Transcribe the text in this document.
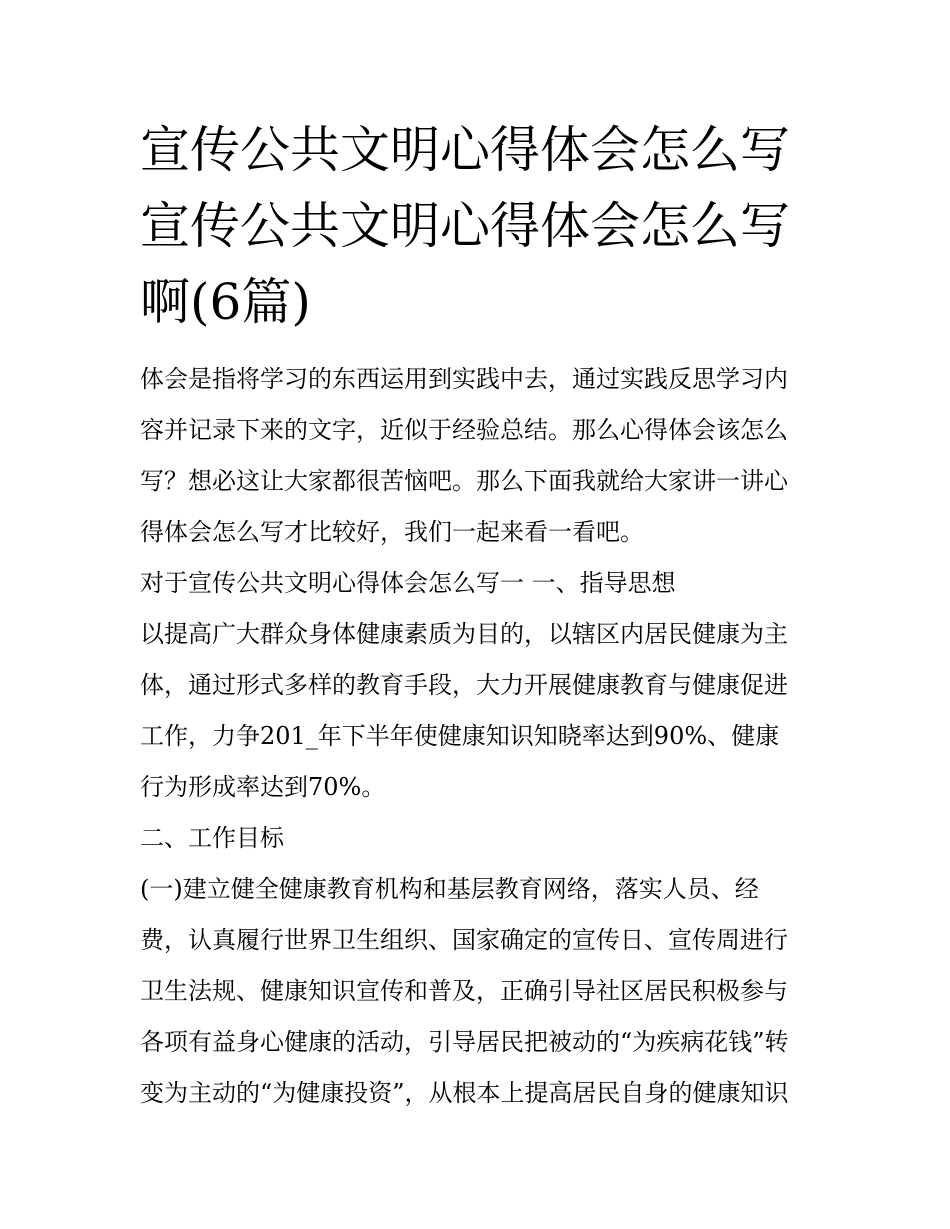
宣传公共文明心得体会怎么写
宣传公共文明心得体会怎么写
啊(6篇)
体会是指将学习的东西运用到实践中去，通过实践反思学习内
容并记录下来的文字，近似于经验总结。那么心得体会该怎么
写？想必这让大家都很苦恼吧。那么下面我就给大家讲一讲心
得体会怎么写才比较好，我们一起来看一看吧。
对于宣传公共文明心得体会怎么写一 一、指导思想
以提高广大群众身体健康素质为目的，以辖区内居民健康为主
体，通过形式多样的教育手段，大力开展健康教育与健康促进
工作，力争201_年下半年使健康知识知晓率达到90%、健康
行为形成率达到70%。
二、工作目标
(一)建立健全健康教育机构和基层教育网络，落实人员、经
费，认真履行世界卫生组织、国家确定的宣传日、宣传周进行
卫生法规、健康知识宣传和普及，正确引导社区居民积极参与
各项有益身心健康的活动，引导居民把被动的“为疾病花钱”转
变为主动的“为健康投资”，从根本上提高居民自身的健康知识
